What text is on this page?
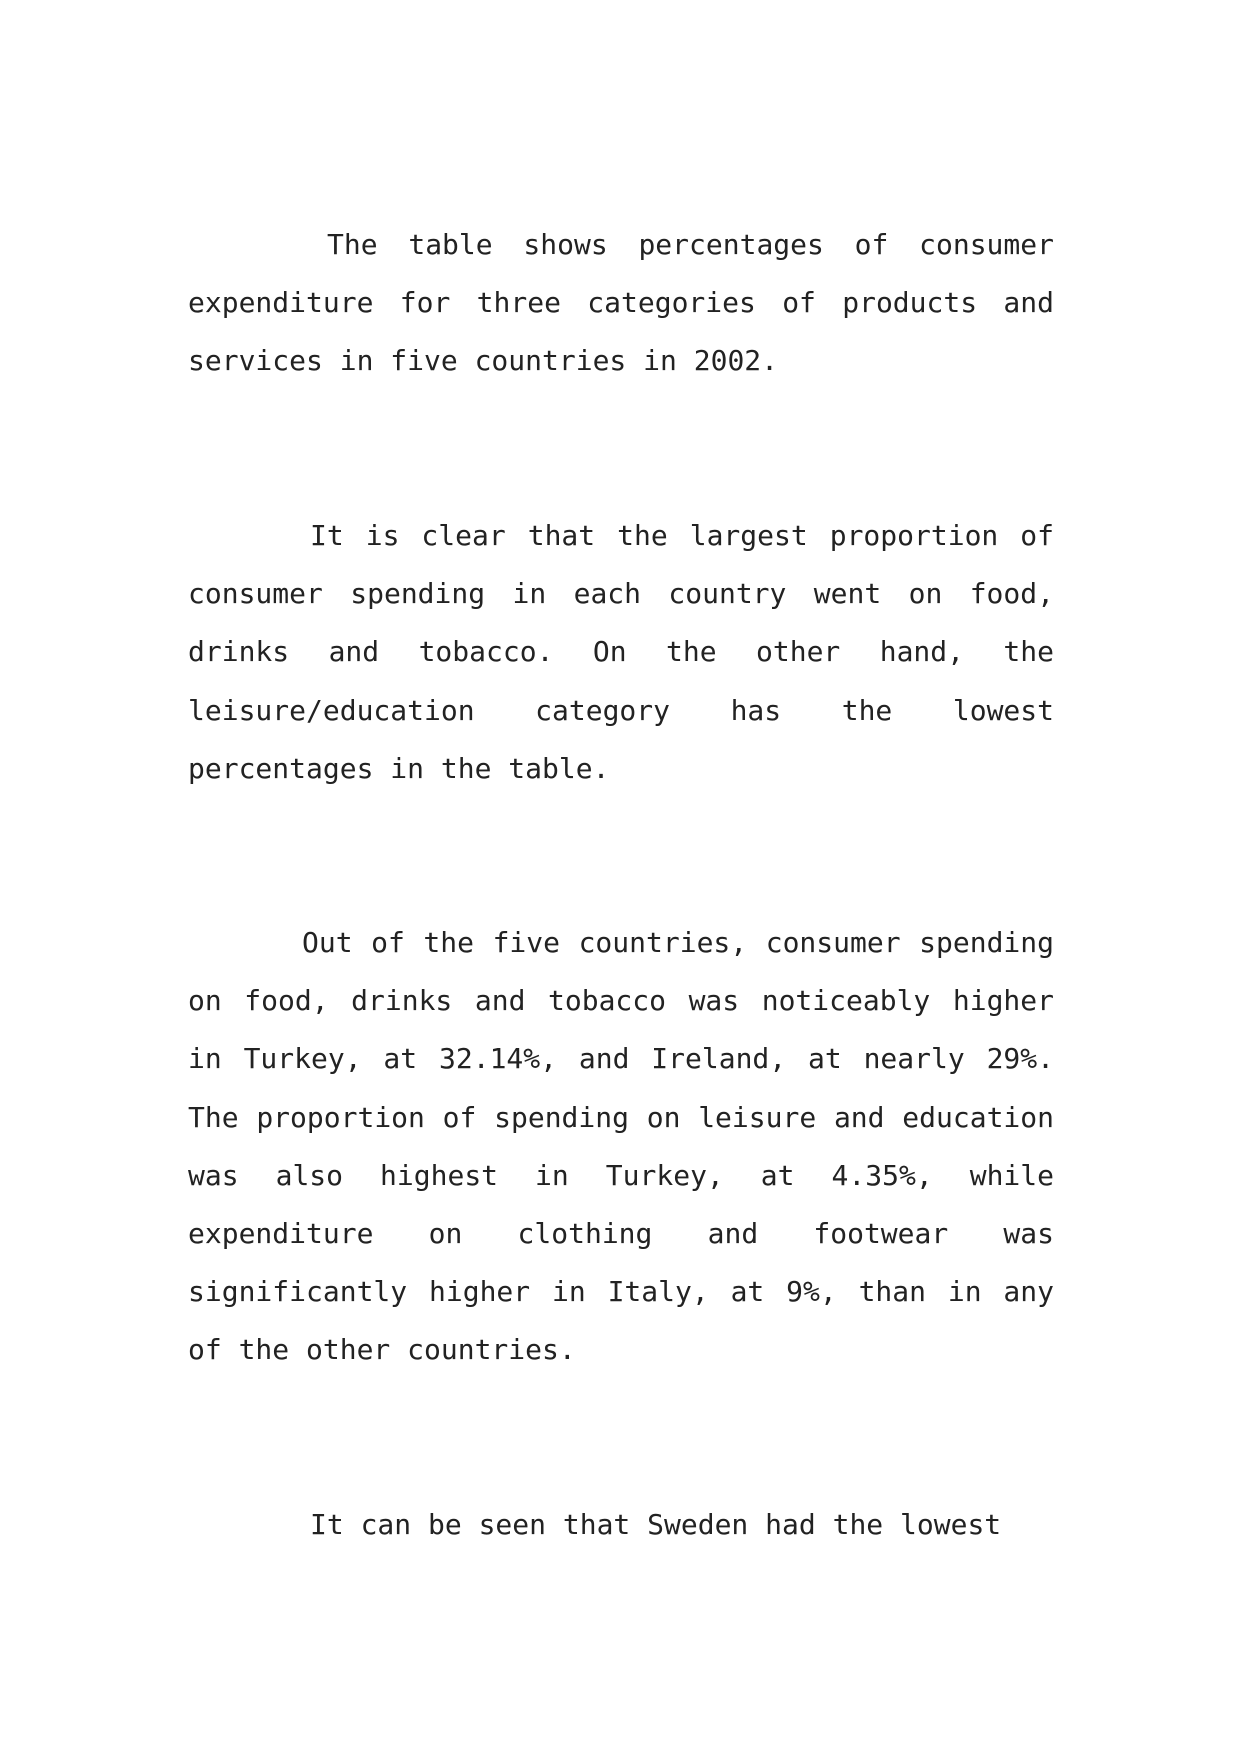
The table shows percentages of consumer expenditure for three categories of products and services in five countries in 2002.

It is clear that the largest proportion of consumer spending in each country went on food, drinks and tobacco. On the other hand, the leisure/education category has the lowest percentages in the table.

Out of the five countries, consumer spending on food, drinks and tobacco was noticeably higher in Turkey, at 32.14%, and Ireland, at nearly 29%. The proportion of spending on leisure and education was also highest in Turkey, at 4.35%, while expenditure on clothing and footwear was significantly higher in Italy, at 9%, than in any of the other countries.

It can be seen that Sweden had the lowest
